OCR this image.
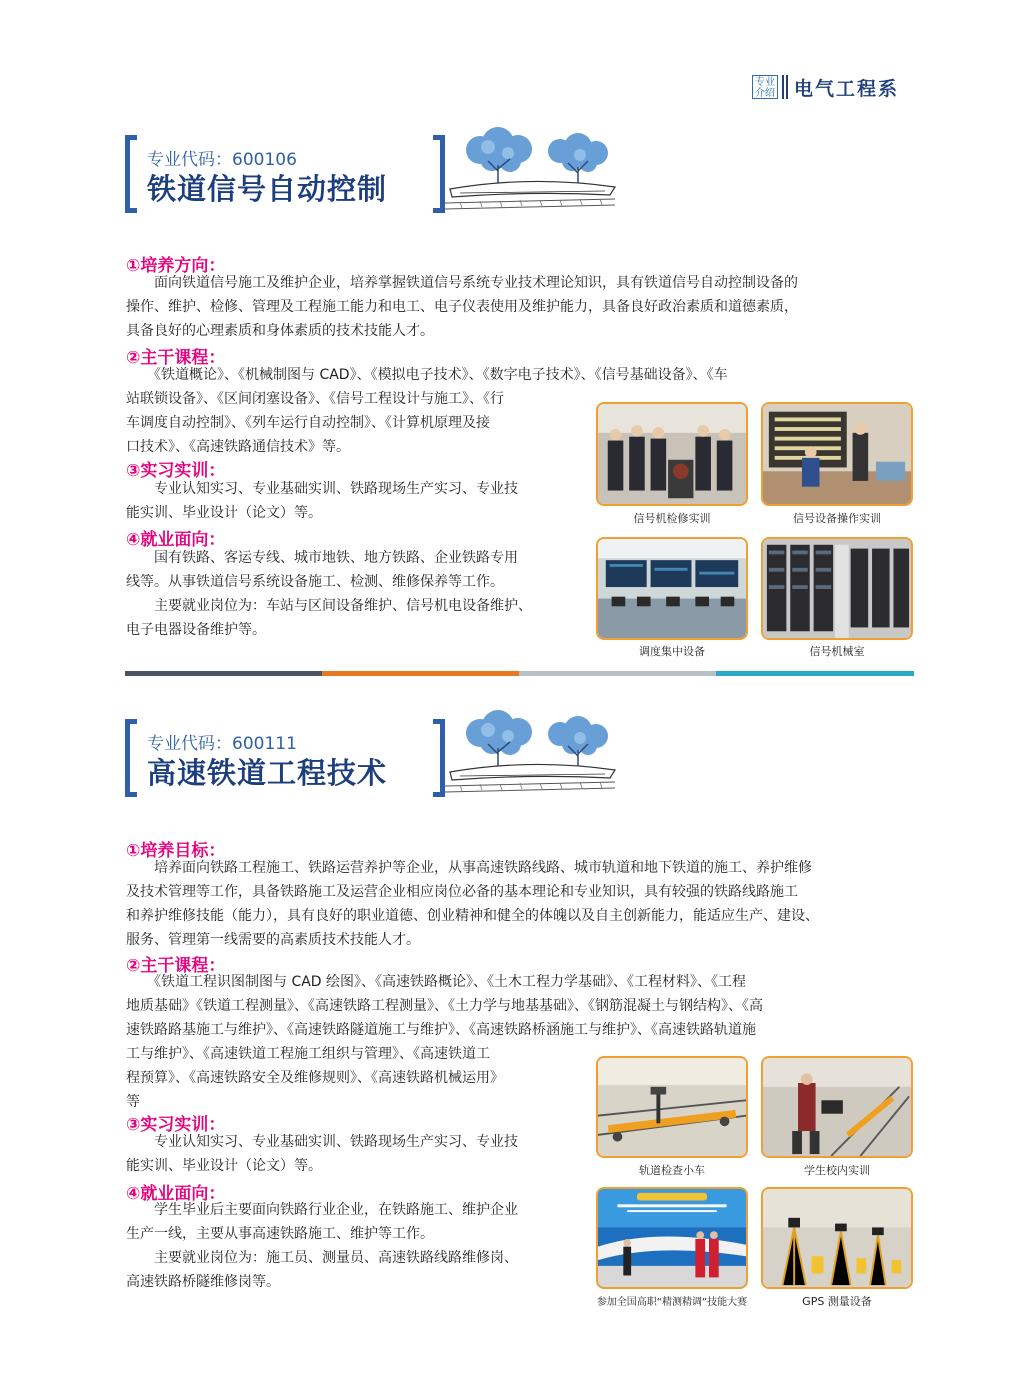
专业
介绍 电气工程系
专业代码：600106
铁道信号自动控制
①培养方向：
②主干课程：
③实习实训：
④就业面向：
　　面向铁道信号施工及维护企业，培养掌握铁道信号系统专业技术理论知识，具有铁道信号自动控制设备的
操作、维护、检修、管理及工程施工能力和电工、电子仪表使用及维护能力，具备良好政治素质和道德素质，
具备良好的心理素质和身体素质的技术技能人才。
　　《铁道概论》、《机械制图与 CAD》、《模拟电子技术》、《数字电子技术》、《信号基础设备》、《车
站联锁设备》、《区间闭塞设备》、《信号工程设计与施工》、《行
车调度自动控制》、《列车运行自动控制》、《计算机原理及接
口技术》、《高速铁路通信技术》等。
　　专业认知实习、专业基础实训、铁路现场生产实习、专业技
能实训、毕业设计（论文）等。
　　国有铁路、客运专线、城市地铁、地方铁路、企业铁路专用
线等。从事铁道信号系统设备施工、检测、维修保养等工作。
　　主要就业岗位为：车站与区间设备维护、信号机电设备维护、
电子电器设备维护等。
信号机检修实训	信号设备操作实训
调度集中设备	信号机械室
专业代码：600111
高速铁道工程技术
①培养目标：
②主干课程：
③实习实训：
④就业面向：
　　培养面向铁路工程施工、铁路运营养护等企业，从事高速铁路线路、城市轨道和地下铁道的施工、养护维修
及技术管理等工作，具备铁路施工及运营企业相应岗位必备的基本理论和专业知识，具有较强的铁路线路施工
和养护维修技能（能力），具有良好的职业道德、创业精神和健全的体魄以及自主创新能力，能适应生产、建设、
服务、管理第一线需要的高素质技术技能人才。
　　《铁道工程识图制图与 CAD 绘图》、《高速铁路概论》、《土木工程力学基础》、《工程材料》、《工程
地质基础》《铁道工程测量》、《高速铁路工程测量》、《土力学与地基基础》、《钢筋混凝土与钢结构》、《高
速铁路路基施工与维护》、《高速铁路隧道施工与维护》、《高速铁路桥涵施工与维护》、《高速铁路轨道施
工与维护》、《高速铁道工程施工组织与管理》、《高速铁道工
程预算》、《高速铁路安全及维修规则》、《高速铁路机械运用》
等
　　专业认知实习、专业基础实训、铁路现场生产实习、专业技
能实训、毕业设计（论文）等。
　　学生毕业后主要面向铁路行业企业，在铁路施工、维护企业
生产一线，主要从事高速铁路施工、维护等工作。
　　主要就业岗位为：施工员、测量员、高速铁路线路维修岗、
高速铁路桥隧维修岗等。
轨道检查小车	学生校内实训
参加全国高职“精测精调”技能大赛	GPS 测量设备
